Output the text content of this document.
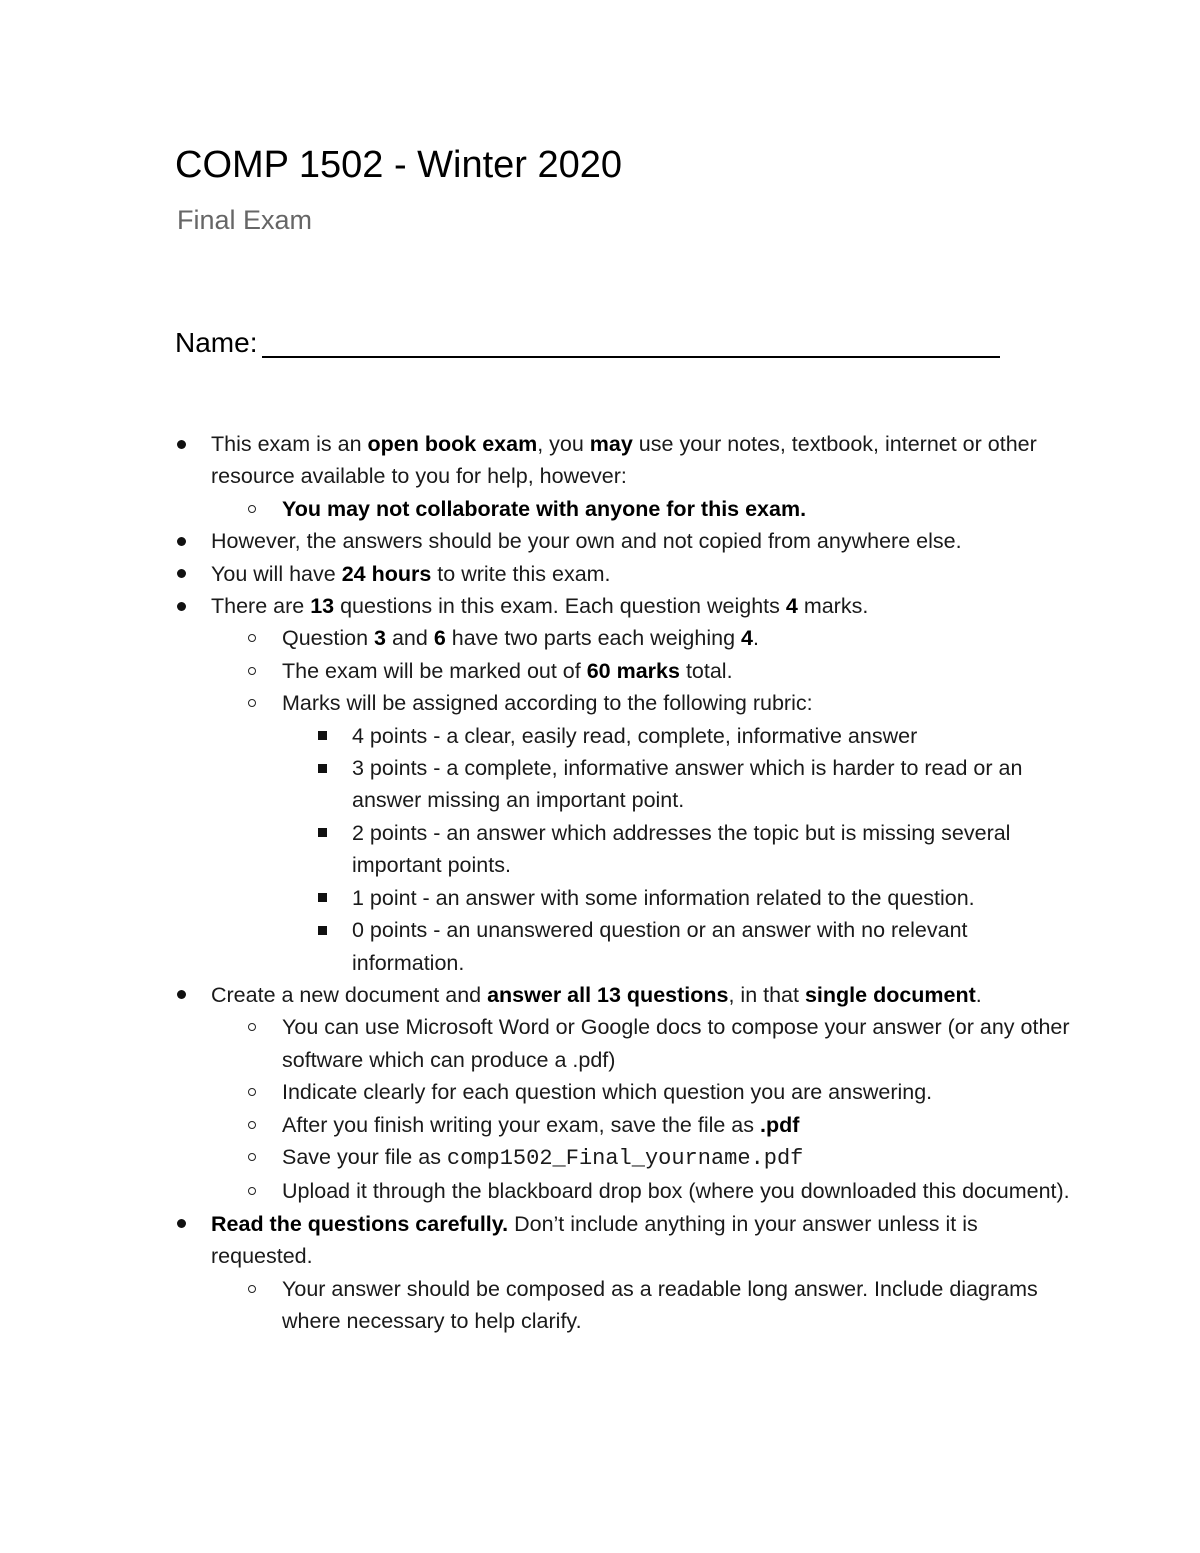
COMP 1502 - Winter 2020
Final Exam
Name:
This exam is an open book exam, you may use your notes, textbook, internet or other resource available to you for help, however:
You may not collaborate with anyone for this exam.
However, the answers should be your own and not copied from anywhere else.
You will have 24 hours to write this exam.
There are 13 questions in this exam. Each question weights 4 marks.
Question 3 and 6 have two parts each weighing 4.
The exam will be marked out of 60 marks total.
Marks will be assigned according to the following rubric:
4 points - a clear, easily read, complete, informative answer
3 points - a complete, informative answer which is harder to read or an answer missing an important point.
2 points - an answer which addresses the topic but is missing several important points.
1 point - an answer with some information related to the question.
0 points - an unanswered question or an answer with no relevant information.
Create a new document and answer all 13 questions, in that single document.
You can use Microsoft Word or Google docs to compose your answer (or any other software which can produce a .pdf)
Indicate clearly for each question which question you are answering.
After you finish writing your exam, save the file as .pdf
Save your file as comp1502_Final_yourname.pdf
Upload it through the blackboard drop box (where you downloaded this document).
Read the questions carefully. Don’t include anything in your answer unless it is requested.
Your answer should be composed as a readable long answer. Include diagrams where necessary to help clarify.
